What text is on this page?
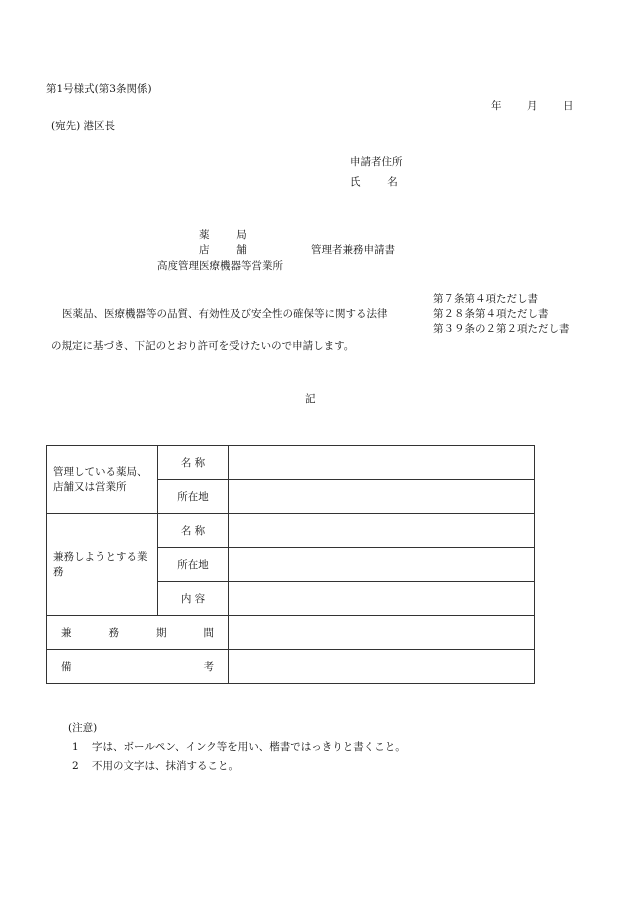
第1号様式(第3条関係)
年 月 日
(宛先) 港区長
申請者住所
氏        名
薬        局
店        舗
高度管理医療機器等営業所
管理者兼務申請書
第７条第４項ただし書
第２８条第４項ただし書
第３９条の２第２項ただし書
医薬品、医療機器等の品質、有効性及び安全性の確保等に関する法律
の規定に基づき、下記のとおり許可を受けたいので申請します。
記
管理している薬局、店舗又は営業所	名 称	
	所在地	
兼務しようとする業務	名 称	
	所在地	
	内 容	

兼 務 期 間		

備 考		

(注意)
1    字は、ボールペン、インク等を用い、楷書ではっきりと書くこと。
2    不用の文字は、抹消すること。
